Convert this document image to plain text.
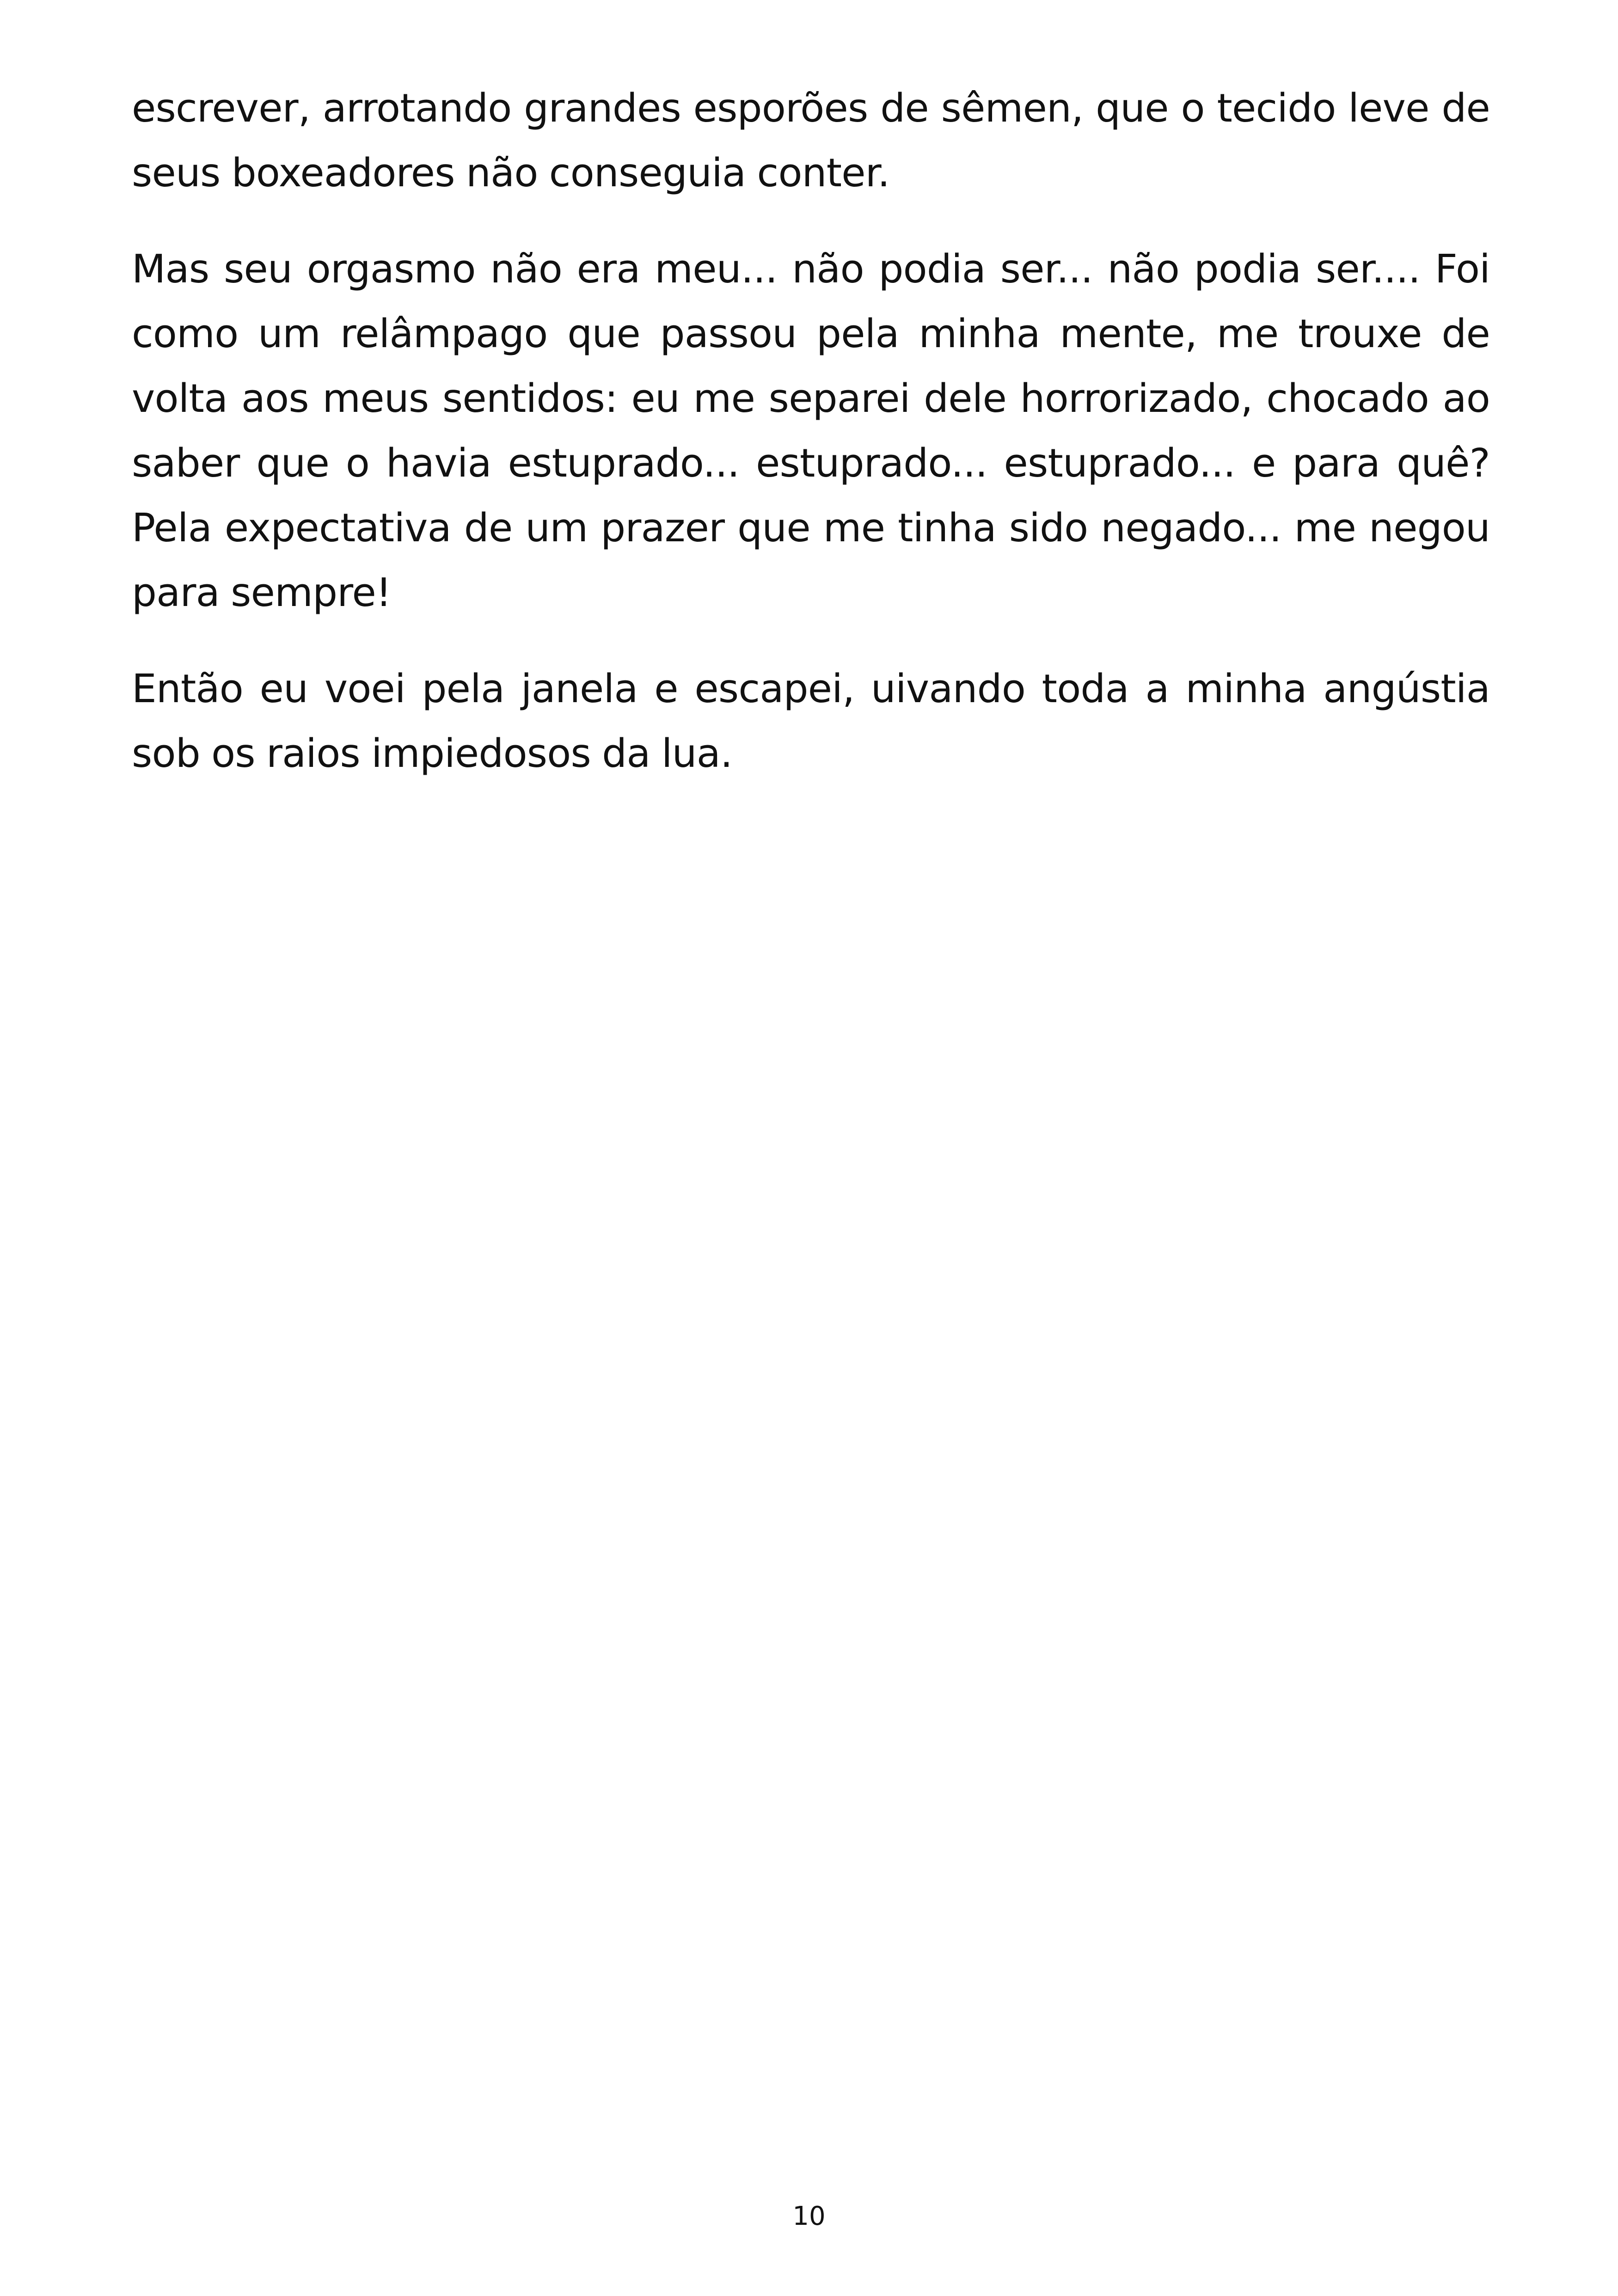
escrever, arrotando grandes esporões de sêmen, que o tecido leve de seus boxeadores não conseguia conter.

Mas seu orgasmo não era meu... não podia ser... não podia ser.... Foi como um relâmpago que passou pela minha mente, me trouxe de volta aos meus sentidos: eu me separei dele horrorizado, chocado ao saber que o havia estuprado... estuprado... estuprado... e para quê? Pela expectativa de um prazer que me tinha sido negado... me negou para sempre!

Então eu voei pela janela e escapei, uivando toda a minha angústia sob os raios impiedosos da lua.

10
